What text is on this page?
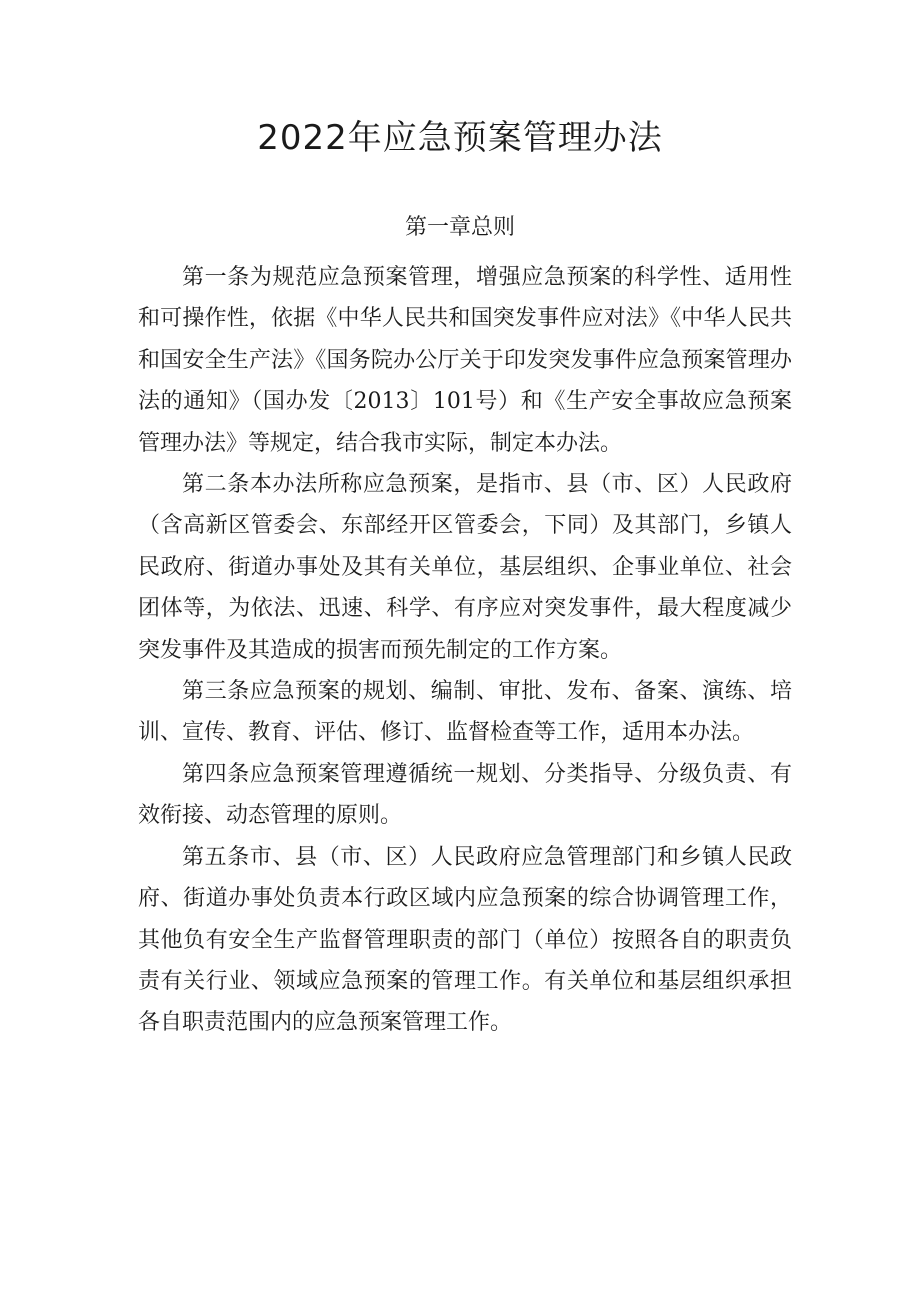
2022年应急预案管理办法
第一章总则

第一条为规范应急预案管理，增强应急预案的科学性、适用性和可操作性，依据《中华人民共和国突发事件应对法》《中华人民共和国安全生产法》《国务院办公厅关于印发突发事件应急预案管理办法的通知》（国办发〔2013〕101号）和《生产安全事故应急预案管理办法》等规定，结合我市实际，制定本办法。

第二条本办法所称应急预案，是指市、县（市、区）人民政府（含高新区管委会、东部经开区管委会，下同）及其部门，乡镇人民政府、街道办事处及其有关单位，基层组织、企事业单位、社会团体等，为依法、迅速、科学、有序应对突发事件，最大程度减少突发事件及其造成的损害而预先制定的工作方案。

第三条应急预案的规划、编制、审批、发布、备案、演练、培训、宣传、教育、评估、修订、监督检查等工作，适用本办法。

第四条应急预案管理遵循统一规划、分类指导、分级负责、有效衔接、动态管理的原则。

第五条市、县（市、区）人民政府应急管理部门和乡镇人民政府、街道办事处负责本行政区域内应急预案的综合协调管理工作，其他负有安全生产监督管理职责的部门（单位）按照各自的职责负责有关行业、领域应急预案的管理工作。有关单位和基层组织承担各自职责范围内的应急预案管理工作。
